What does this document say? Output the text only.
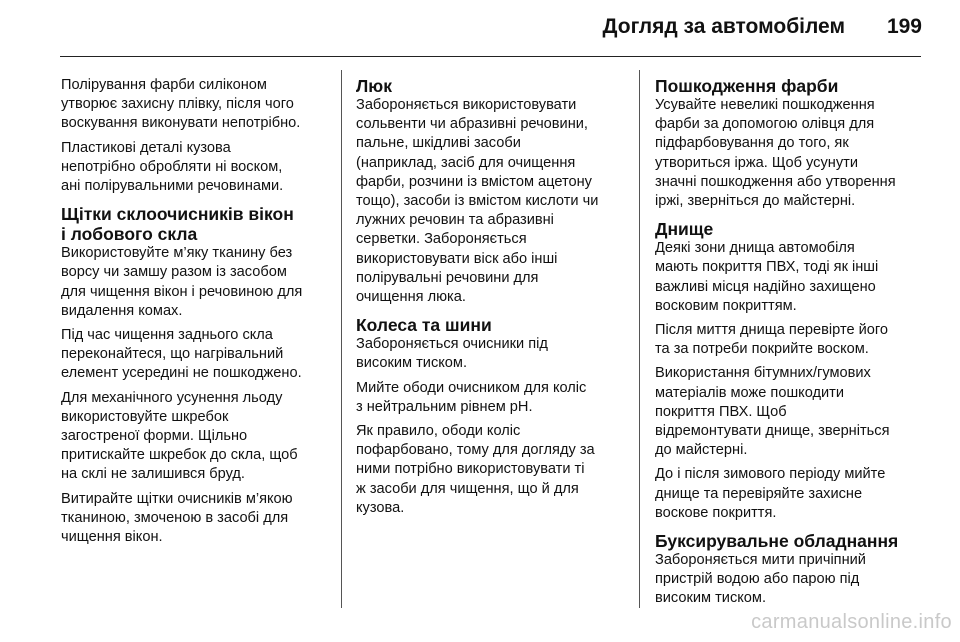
Догляд за автомобілем 199

Полірування фарби силіконом
утворює захисну плівку, після чого
воскування виконувати непотрібно.

Пластикові деталі кузова
непотрібно обробляти ні воском,
ані полірувальними речовинами.

Щітки склоочисників вікон
і лобового скла

Використовуйте м’яку тканину без
ворсу чи замшу разом із засобом
для чищення вікон і речовиною для
видалення комах.

Під час чищення заднього скла
переконайтеся, що нагрівальний
елемент усередині не пошкоджено.

Для механічного усунення льоду
використовуйте шкребок
загостреної форми. Щільно
притискайте шкребок до скла, щоб
на склі не залишився бруд.

Витирайте щітки очисників м’якою
тканиною, змоченою в засобі для
чищення вікон.

Люк

Забороняється використовувати
сольвенти чи абразивні речовини,
пальне, шкідливі засоби
(наприклад, засіб для очищення
фарби, розчини із вмістом ацетону
тощо), засоби із вмістом кислоти чи
лужних речовин та абразивні
серветки. Забороняється
використовувати віск або інші
полірувальні речовини для
очищення люка.

Колеса та шини

Забороняється очисники під
високим тиском.

Мийте ободи очисником для коліс
з нейтральним рівнем pH.

Як правило, ободи коліс
пофарбовано, тому для догляду за
ними потрібно використовувати ті
ж засоби для чищення, що й для
кузова.

Пошкодження фарби

Усувайте невеликі пошкодження
фарби за допомогою олівця для
підфарбовування до того, як
утвориться іржа. Щоб усунути
значні пошкодження або утворення
іржі, зверніться до майстерні.

Днище

Деякі зони днища автомобіля
мають покриття ПВХ, тоді як інші
важливі місця надійно захищено
восковим покриттям.

Після миття днища перевірте його
та за потреби покрийте воском.

Використання бітумних/гумових
матеріалів може пошкодити
покриття ПВХ. Щоб
відремонтувати днище, зверніться
до майстерні.

До і після зимового періоду мийте
днище та перевіряйте захисне
воскове покриття.

Буксирувальне обладнання

Забороняється мити причіпний
пристрій водою або парою під
високим тиском.

carmanualsonline.info
